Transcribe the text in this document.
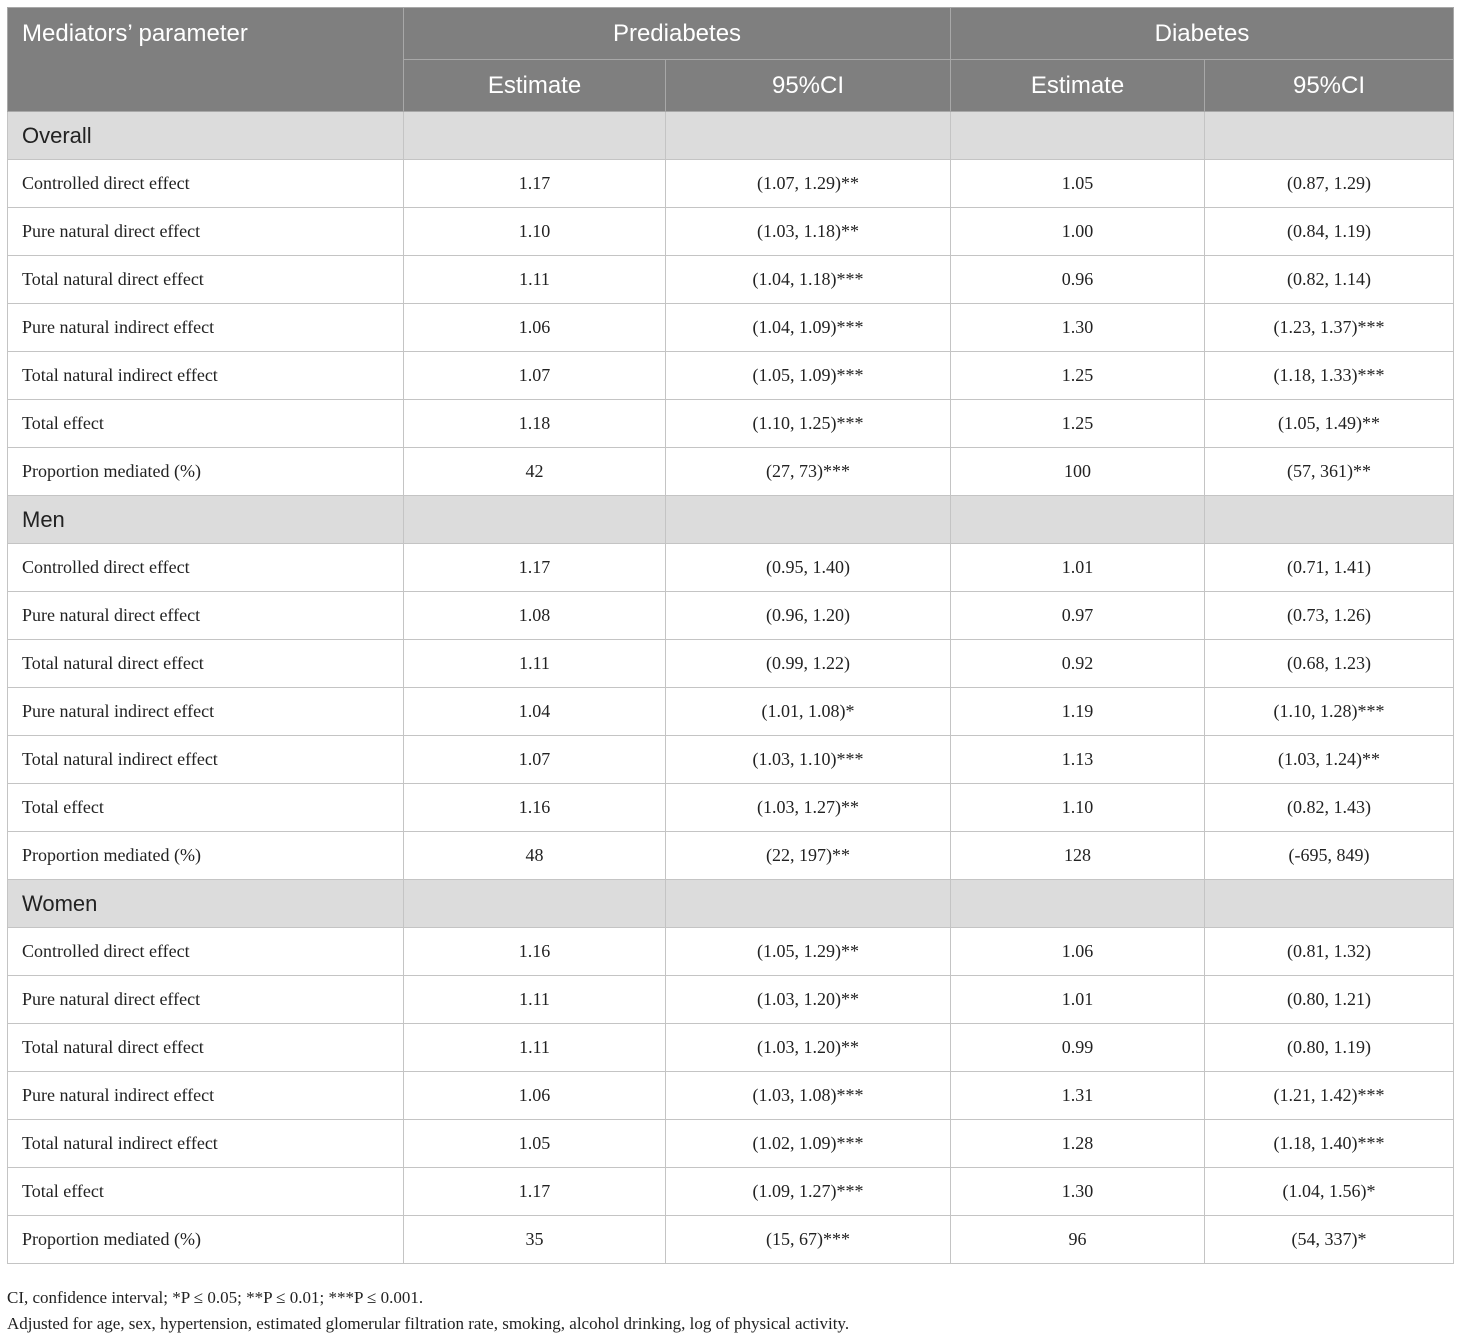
Mediators’ parameter	Prediabetes		Diabetes	
	Estimate	95%CI	Estimate	95%CI
Overall				
Controlled direct effect	1.17	(1.07, 1.29)**	1.05	(0.87, 1.29)
Pure natural direct effect	1.10	(1.03, 1.18)**	1.00	(0.84, 1.19)
Total natural direct effect	1.11	(1.04, 1.18)***	0.96	(0.82, 1.14)
Pure natural indirect effect	1.06	(1.04, 1.09)***	1.30	(1.23, 1.37)***
Total natural indirect effect	1.07	(1.05, 1.09)***	1.25	(1.18, 1.33)***
Total effect	1.18	(1.10, 1.25)***	1.25	(1.05, 1.49)**
Proportion mediated (%)	42	(27, 73)***	100	(57, 361)**
Men				
Controlled direct effect	1.17	(0.95, 1.40)	1.01	(0.71, 1.41)
Pure natural direct effect	1.08	(0.96, 1.20)	0.97	(0.73, 1.26)
Total natural direct effect	1.11	(0.99, 1.22)	0.92	(0.68, 1.23)
Pure natural indirect effect	1.04	(1.01, 1.08)*	1.19	(1.10, 1.28)***
Total natural indirect effect	1.07	(1.03, 1.10)***	1.13	(1.03, 1.24)**
Total effect	1.16	(1.03, 1.27)**	1.10	(0.82, 1.43)
Proportion mediated (%)	48	(22, 197)**	128	(-695, 849)
Women				
Controlled direct effect	1.16	(1.05, 1.29)**	1.06	(0.81, 1.32)
Pure natural direct effect	1.11	(1.03, 1.20)**	1.01	(0.80, 1.21)
Total natural direct effect	1.11	(1.03, 1.20)**	0.99	(0.80, 1.19)
Pure natural indirect effect	1.06	(1.03, 1.08)***	1.31	(1.21, 1.42)***
Total natural indirect effect	1.05	(1.02, 1.09)***	1.28	(1.18, 1.40)***
Total effect	1.17	(1.09, 1.27)***	1.30	(1.04, 1.56)*
Proportion mediated (%)	35	(15, 67)***	96	(54, 337)*
CI, confidence interval; *P ≤ 0.05; **P ≤ 0.01; ***P ≤ 0.001.
Adjusted for age, sex, hypertension, estimated glomerular filtration rate, smoking, alcohol drinking, log of physical activity.
